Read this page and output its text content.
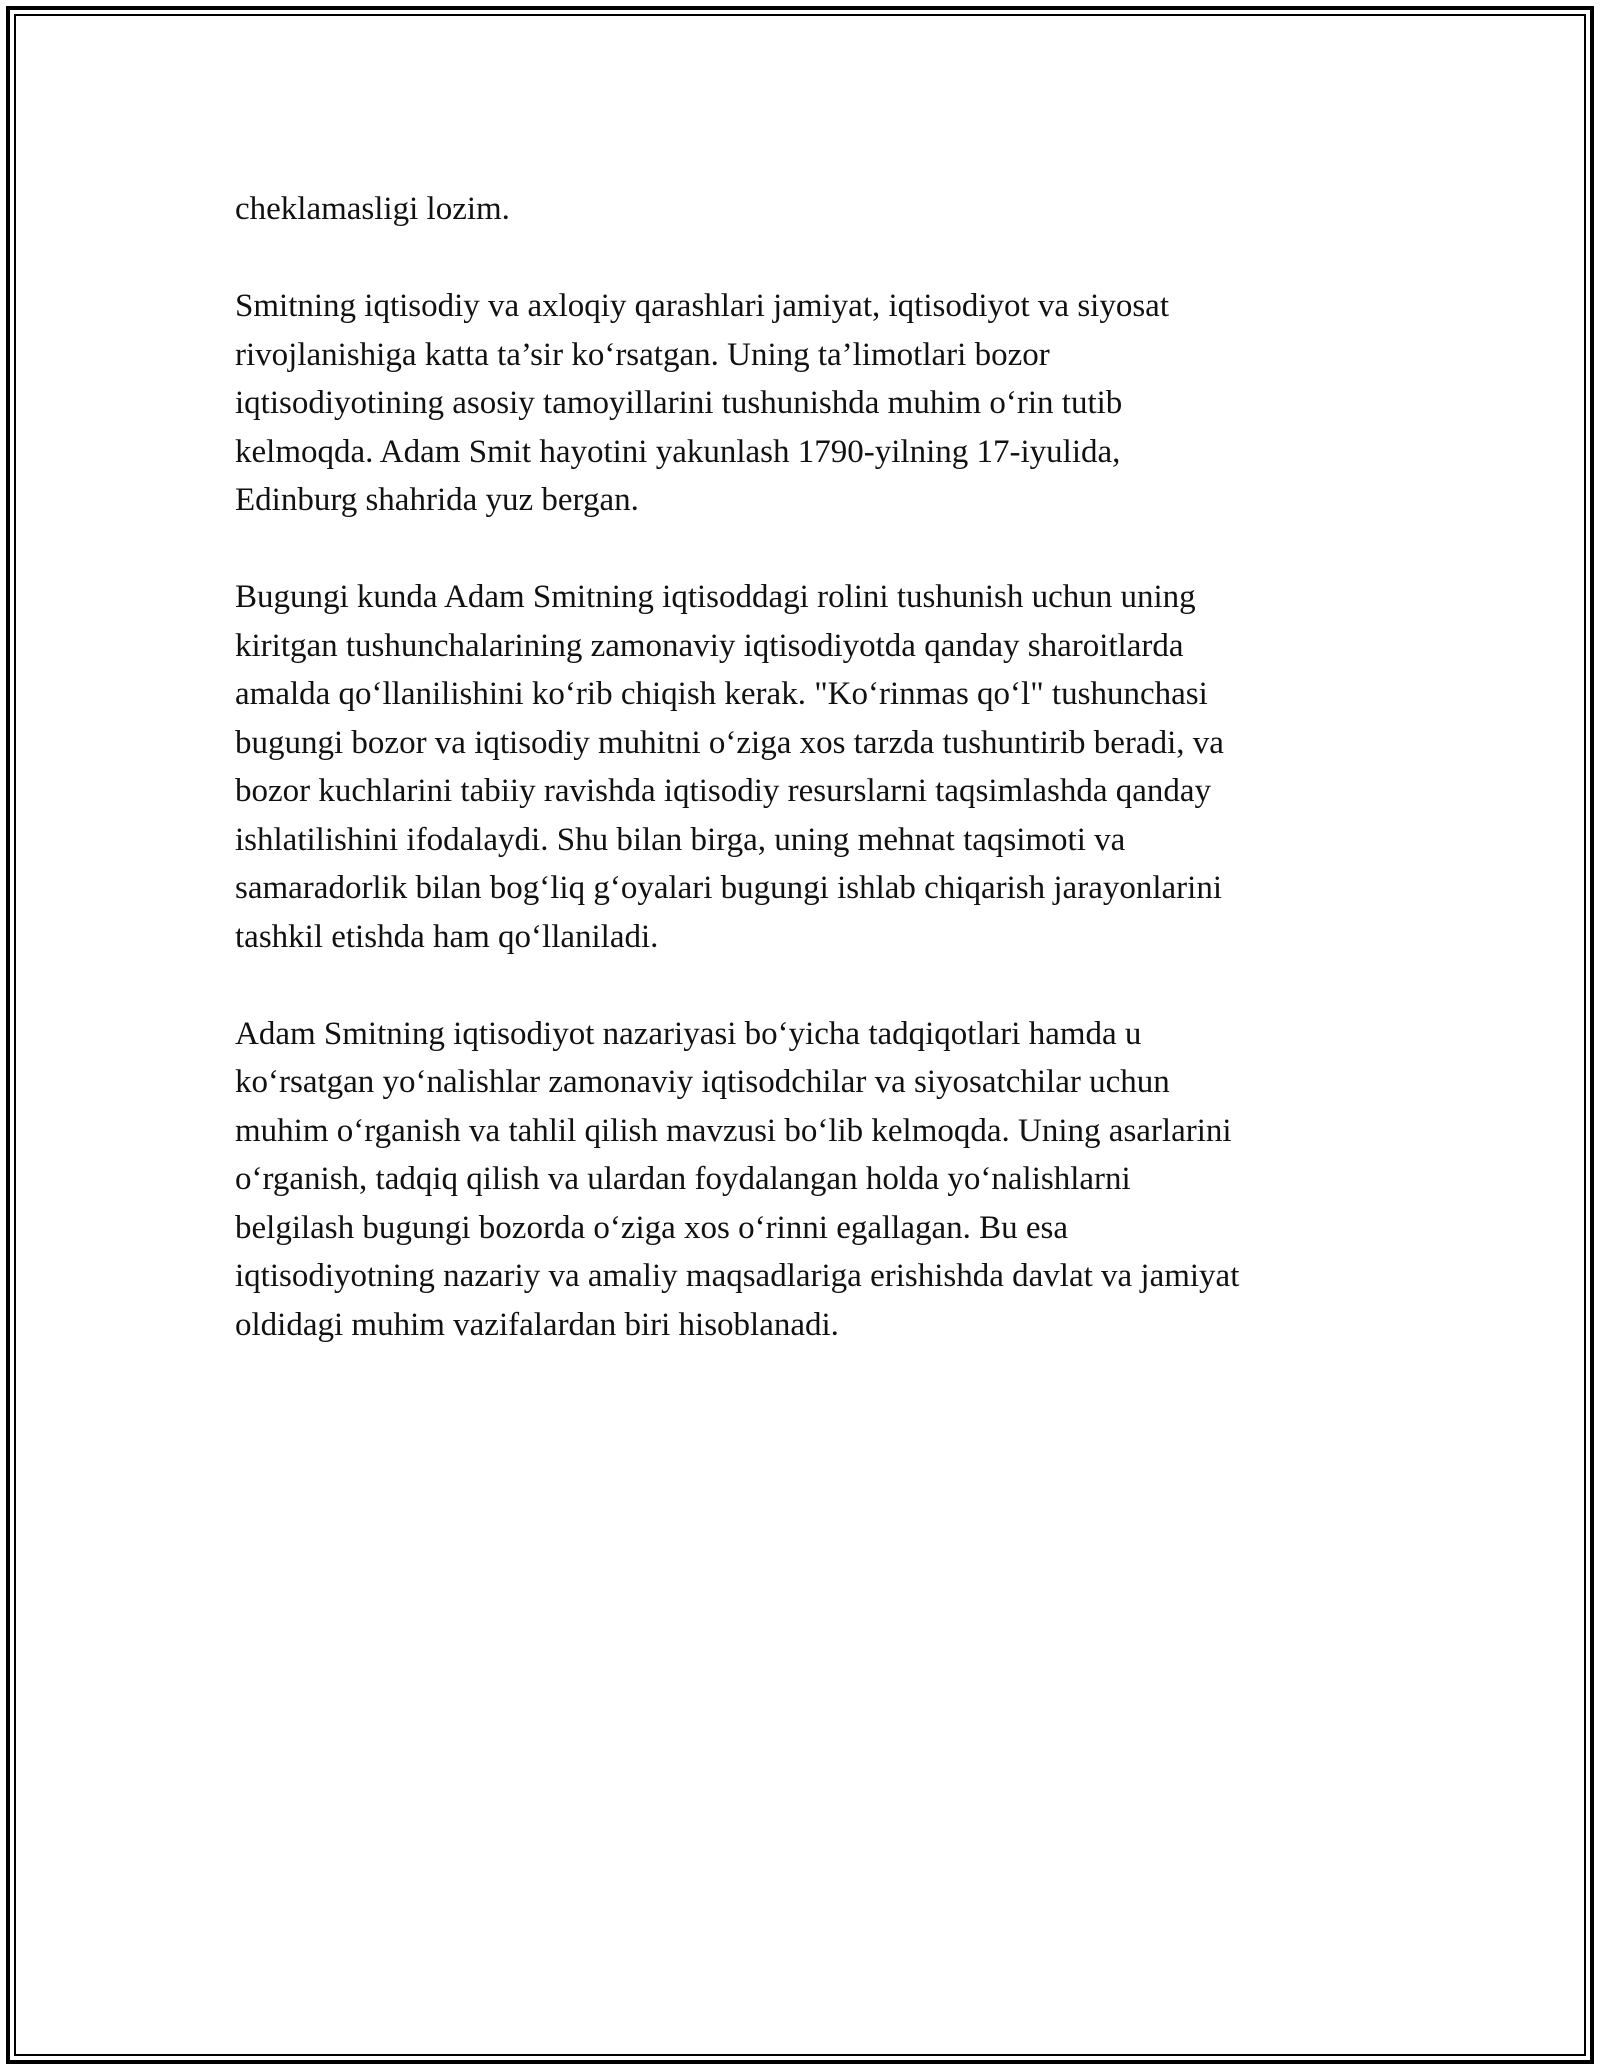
cheklamasligi lozim.

Smitning iqtisodiy va axloqiy qarashlari jamiyat, iqtisodiyot va siyosat
rivojlanishiga katta ta’sir ko‘rsatgan. Uning ta’limotlari bozor
iqtisodiyotining asosiy tamoyillarini tushunishda muhim o‘rin tutib
kelmoqda. Adam Smit hayotini yakunlash 1790-yilning 17-iyulida,
Edinburg shahrida yuz bergan.

Bugungi kunda Adam Smitning iqtisoddagi rolini tushunish uchun uning
kiritgan tushunchalarining zamonaviy iqtisodiyotda qanday sharoitlarda
amalda qo‘llanilishini ko‘rib chiqish kerak. "Ko‘rinmas qo‘l" tushunchasi
bugungi bozor va iqtisodiy muhitni o‘ziga xos tarzda tushuntirib beradi, va
bozor kuchlarini tabiiy ravishda iqtisodiy resurslarni taqsimlashda qanday
ishlatilishini ifodalaydi. Shu bilan birga, uning mehnat taqsimoti va
samaradorlik bilan bog‘liq g‘oyalari bugungi ishlab chiqarish jarayonlarini
tashkil etishda ham qo‘llaniladi.

Adam Smitning iqtisodiyot nazariyasi bo‘yicha tadqiqotlari hamda u
ko‘rsatgan yo‘nalishlar zamonaviy iqtisodchilar va siyosatchilar uchun
muhim o‘rganish va tahlil qilish mavzusi bo‘lib kelmoqda. Uning asarlarini
o‘rganish, tadqiq qilish va ulardan foydalangan holda yo‘nalishlarni
belgilash bugungi bozorda o‘ziga xos o‘rinni egallagan. Bu esa
iqtisodiyotning nazariy va amaliy maqsadlariga erishishda davlat va jamiyat
oldidagi muhim vazifalardan biri hisoblanadi.
